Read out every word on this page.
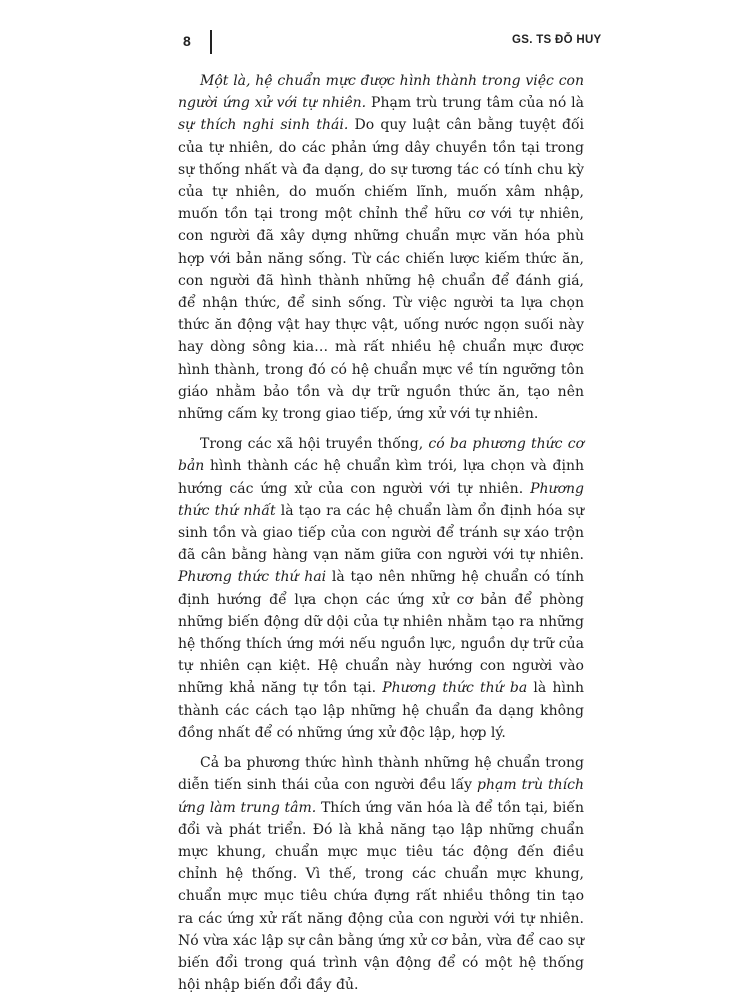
8	GS. TS ĐỖ HUY

Một là, hệ chuẩn mực được hình thành trong việc con người ứng xử với tự nhiên. Phạm trù trung tâm của nó là sự thích nghi sinh thái. Do quy luật cân bằng tuyệt đối của tự nhiên, do các phản ứng dây chuyền tồn tại trong sự thống nhất và đa dạng, do sự tương tác có tính chu kỳ của tự nhiên, do muốn chiếm lĩnh, muốn xâm nhập, muốn tồn tại trong một chỉnh thể hữu cơ với tự nhiên, con người đã xây dựng những chuẩn mực văn hóa phù hợp với bản năng sống. Từ các chiến lược kiếm thức ăn, con người đã hình thành những hệ chuẩn để đánh giá, để nhận thức, để sinh sống. Từ việc người ta lựa chọn thức ăn động vật hay thực vật, uống nước ngọn suối này hay dòng sông kia… mà rất nhiều hệ chuẩn mực được hình thành, trong đó có hệ chuẩn mực về tín ngưỡng tôn giáo nhằm bảo tồn và dự trữ nguồn thức ăn, tạo nên những cấm kỵ trong giao tiếp, ứng xử với tự nhiên.

Trong các xã hội truyền thống, có ba phương thức cơ bản hình thành các hệ chuẩn kìm trói, lựa chọn và định hướng các ứng xử của con người với tự nhiên. Phương thức thứ nhất là tạo ra các hệ chuẩn làm ổn định hóa sự sinh tồn và giao tiếp của con người để tránh sự xáo trộn đã cân bằng hàng vạn năm giữa con người với tự nhiên. Phương thức thứ hai là tạo nên những hệ chuẩn có tính định hướng để lựa chọn các ứng xử cơ bản để phòng những biến động dữ dội của tự nhiên nhằm tạo ra những hệ thống thích ứng mới nếu nguồn lực, nguồn dự trữ của tự nhiên cạn kiệt. Hệ chuẩn này hướng con người vào những khả năng tự tồn tại. Phương thức thứ ba là hình thành các cách tạo lập những hệ chuẩn đa dạng không đồng nhất để có những ứng xử độc lập, hợp lý.

Cả ba phương thức hình thành những hệ chuẩn trong diễn tiến sinh thái của con người đều lấy phạm trù thích ứng làm trung tâm. Thích ứng văn hóa là để tồn tại, biến đổi và phát triển. Đó là khả năng tạo lập những chuẩn mực khung, chuẩn mực mục tiêu tác động đến điều chỉnh hệ thống. Vì thế, trong các chuẩn mực khung, chuẩn mực mục tiêu chứa đựng rất nhiều thông tin tạo ra các ứng xử rất năng động của con người với tự nhiên. Nó vừa xác lập sự cân bằng ứng xử cơ bản, vừa để cao sự biến đổi trong quá trình vận động để có một hệ thống hội nhập biến đổi đầy đủ.
